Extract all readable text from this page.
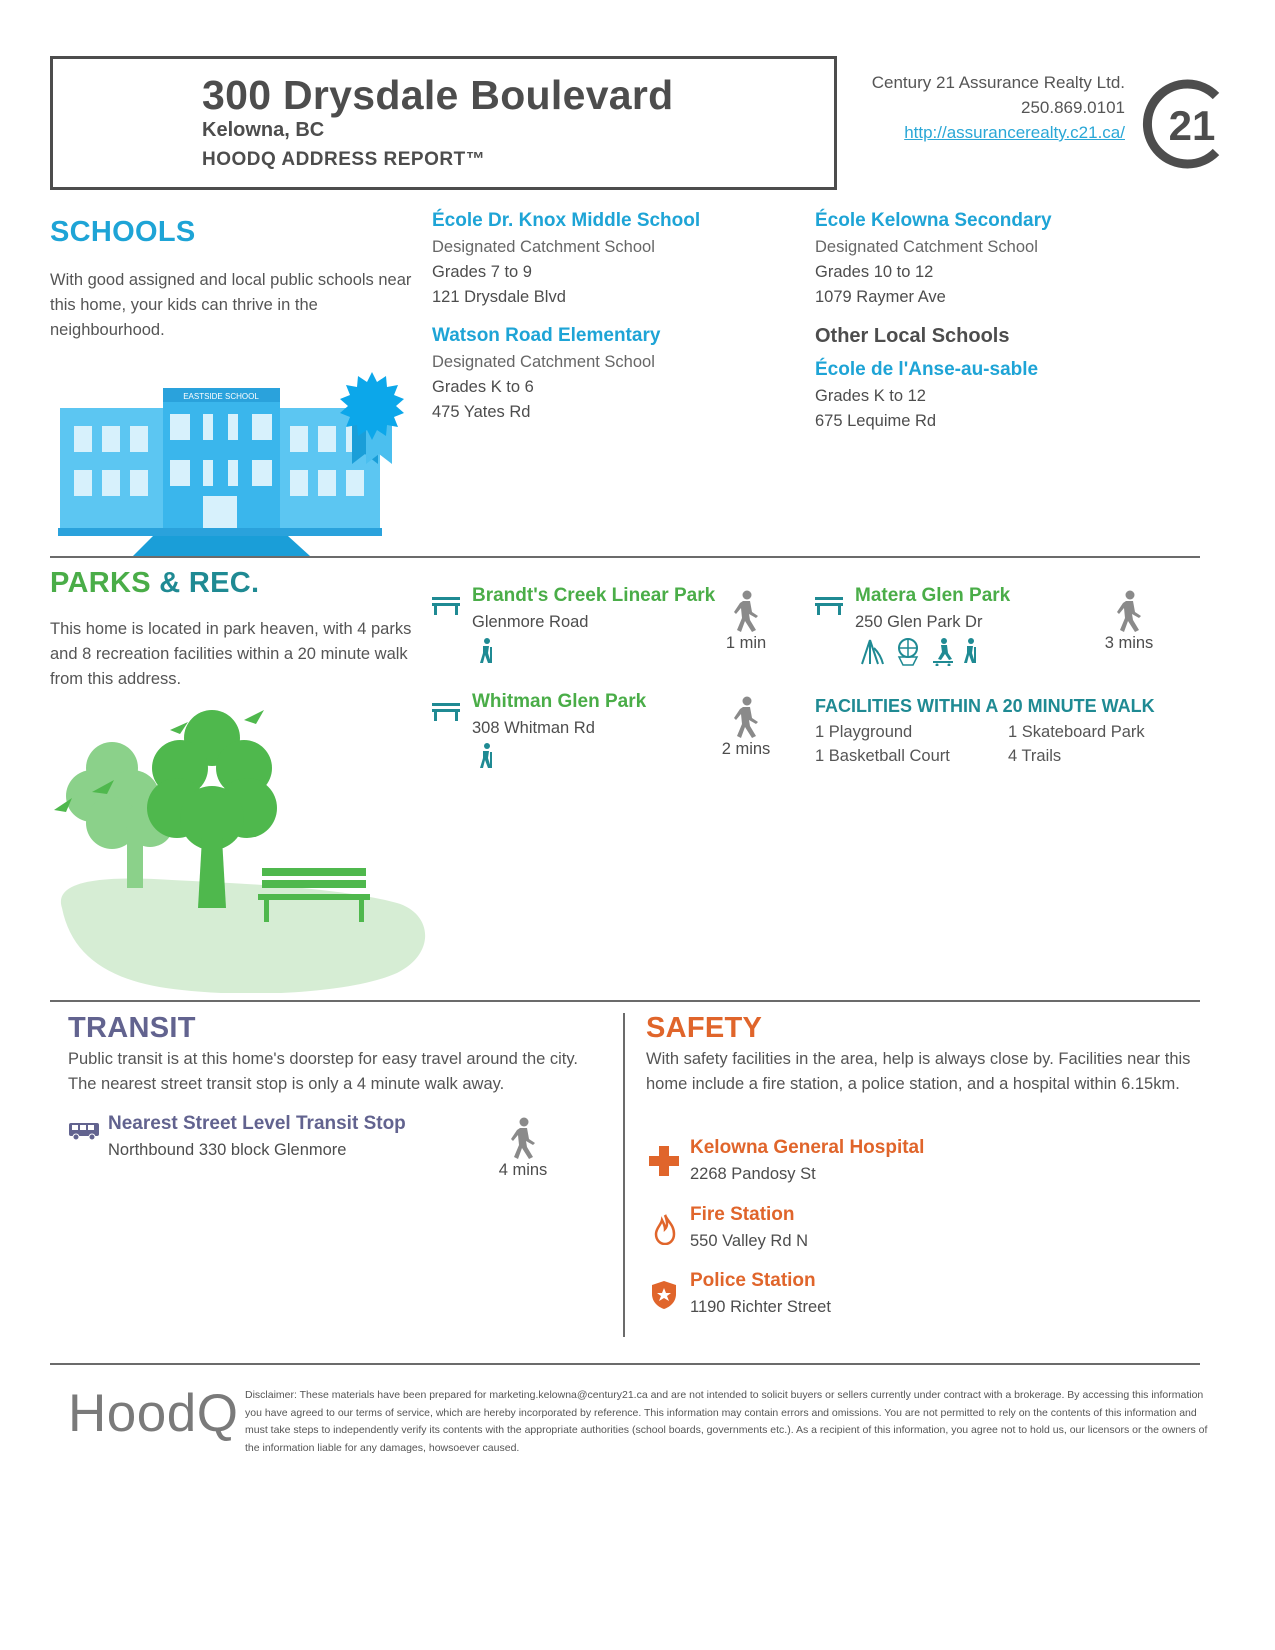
300 Drysdale Boulevard
Kelowna, BC
HOODQ ADDRESS REPORT™
Century 21 Assurance Realty Ltd.
250.869.0101
http://assurancerealty.c21.ca/ 21
SCHOOLS
With good assigned and local public schools near this home, your kids can thrive in the neighbourhood.
EASTSIDE SCHOOL
École Dr. Knox Middle School
Designated Catchment School
Grades 7 to 9
121 Drysdale Blvd
Watson Road Elementary
Designated Catchment School
Grades K to 6
475 Yates Rd
École Kelowna Secondary
Designated Catchment School
Grades 10 to 12
1079 Raymer Ave
Other Local Schools
École de l'Anse-au-sable
Grades K to 12
675 Lequime Rd
PARKS & REC.
This home is located in park heaven, with 4 parks and 8 recreation facilities within a 20 minute walk from this address.
Brandt's Creek Linear Park
Glenmore Road
1 min
Whitman Glen Park
308 Whitman Rd
2 mins
Matera Glen Park
250 Glen Park Dr
3 mins
FACILITIES WITHIN A 20 MINUTE WALK
1 Playground	1 Skateboard Park
1 Basketball Court	4 Trails
TRANSIT
Public transit is at this home's doorstep for easy travel around the city. The nearest street transit stop is only a 4 minute walk away.
Nearest Street Level Transit Stop
Northbound 330 block Glenmore
4 mins
SAFETY
With safety facilities in the area, help is always close by. Facilities near this home include a fire station, a police station, and a hospital within 6.15km.
Kelowna General Hospital
2268 Pandosy St
Fire Station
550 Valley Rd N
Police Station
1190 Richter Street
HoodQ Disclaimer: These materials have been prepared for marketing.kelowna@century21.ca and are not intended to solicit buyers or sellers currently under contract with a brokerage. By accessing this information you have agreed to our terms of service, which are hereby incorporated by reference. This information may contain errors and omissions. You are not permitted to rely on the contents of this information and must take steps to independently verify its contents with the appropriate authorities (school boards, governments etc.). As a recipient of this information, you agree not to hold us, our licensors or the owners of the information liable for any damages, howsoever caused.
